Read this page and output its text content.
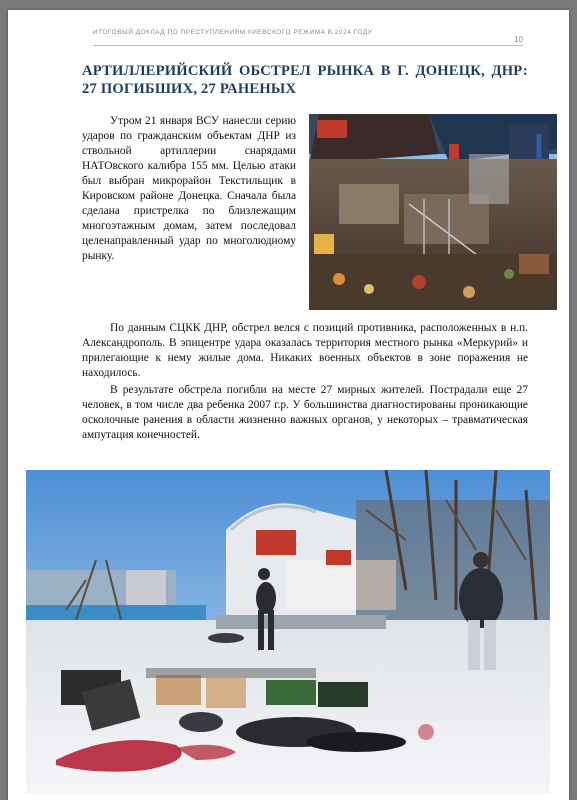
ИТОГОВЫЙ ДОКЛАД ПО ПРЕСТУПЛЕНИЯМ КИЕВСКОГО РЕЖИМА В 2024 ГОДУ
10
АРТИЛЛЕРИЙСКИЙ ОБСТРЕЛ РЫНКА В Г. ДОНЕЦК, ДНР: 27 ПОГИБШИХ, 27 РАНЕНЫХ

Утром 21 января ВСУ нанесли серию ударов по гражданским объектам ДНР из ствольной артиллерии снарядами НАТОвского калибра 155 мм. Целью атаки был выбран микрорайон Текстильщик в Кировском районе Донецка. Сначала была сделана пристрелка по близлежащим многоэтажным домам, затем последовал целенаправленный удар по многолюдному рынку.

По данным СЦКК ДНР, обстрел велся с позиций противника, расположенных в н.п. Александрополь. В эпицентре удара оказалась территория местного рынка «Меркурий» и прилегающие к нему жилые дома. Никаких военных объектов в зоне поражения не находилось.

В результате обстрела погибли на месте 27 мирных жителей. Пострадали еще 27 человек, в том числе два ребенка 2007 г.р. У большинства диагностированы проникающие осколочные ранения в области жизненно важных органов, у некоторых – травматическая ампутация конечностей.
